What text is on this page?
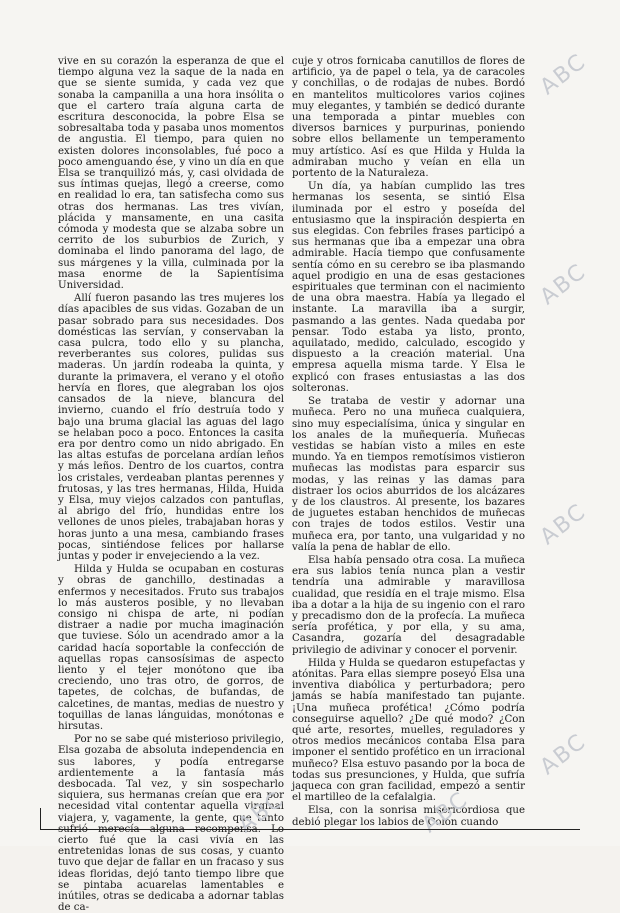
vive en su corazón la esperanza de que el tiempo alguna vez la saque de la nada en que se siente sumida, y cada vez que sonaba la campanilla a una hora insólita o que el cartero traía alguna carta de escritura desconocida, la pobre Elsa se sobresaltaba toda y pasaba unos momentos de angustia. El tiempo, para quien no existen dolores inconsolables, fué poco a poco amenguando ése, y vino un día en que Elsa se tranquilizó más, y, casi olvidada de sus íntimas quejas, llegó a creerse, como en realidad lo era, tan satisfecha como sus otras dos hermanas. Las tres vivían, plácida y mansamente, en una casita cómoda y modesta que se alzaba sobre un cerrito de los suburbios de Zurich, y dominaba el lindo panorama del lago, de sus márgenes y la villa, culminada por la masa enorme de la Sapientísima Universidad.

Allí fueron pasando las tres mujeres los días apacibles de sus vidas. Gozaban de un pasar sobrado para sus necesidades. Dos domésticas las servían, y conservaban la casa pulcra, todo ello y su plancha, reverberantes sus colores, pulidas sus maderas. Un jardín rodeaba la quinta, y durante la primavera, el verano y el otoño hervía en flores, que alegraban los ojos cansados de la nieve, blancura del invierno, cuando el frío destruía todo y bajo una bruma glacial las aguas del lago se helaban poco a poco. Entonces la casita era por dentro como un nido abrigado. En las altas estufas de porcelana ardían leños y más leños. Dentro de los cuartos, contra los cristales, verdeaban plantas perennes y frutosas, y las tres hermanas, Hilda, Huida y Elsa, muy viejos calzados con pantuflas, al abrigo del frío, hundidas entre los vellones de unos pieles, trabajaban horas y horas junto a una mesa, cambiando frases pocas, sintiéndose felices por hallarse juntas y poder ir envejeciendo a la vez.

Hilda y Hulda se ocupaban en costuras y obras de ganchillo, destinadas a enfermos y necesitados. Fruto sus trabajos lo más austeros posible, y no llevaban consigo ni chispa de arte, ni podían distraer a nadie por mucha imaginación que tuviese. Sólo un acendrado amor a la caridad hacía soportable la confección de aquellas ropas cansosísimas de aspecto liento y el tejer monótono que iba creciendo, uno tras otro, de gorros, de tapetes, de colchas, de bufandas, de calcetines, de mantas, medias de nuestro y toquillas de lanas lánguidas, monótonas e hirsutas.

Por no se sabe qué misterioso privilegio, Elsa gozaba de absoluta independencia en sus labores, y podía entregarse ardientemente a la fantasía más desbocada. Tal vez, y sin sospecharlo siquiera, sus hermanas creían que era por necesidad vital contentar aquella virginal viajera, y, vagamente, la gente, que tanto sufrió merecía alguna recompensa. Lo cierto fué que la casi vivía en las entretenidas lonas de sus cosas, y cuanto tuvo que dejar de fallar en un fracaso y sus ideas floridas, dejó tanto tiempo libre que se pintaba acuarelas lamentables e inútiles, otras se dedicaba a adornar tablas de ca-

cuje y otros fornicaba canutillos de flores de artificio, ya de papel o tela, ya de caracoles y conchillas, o de rodajas de nubes. Bordó en mantelitos multicolores varios cojines muy elegantes, y también se dedicó durante una temporada a pintar muebles con diversos barnices y purpurinas, poniendo sobre ellos bellamente un temperamento muy artístico. Así es que Hilda y Hulda la admiraban mucho y veían en ella un portento de la Naturaleza.

Un día, ya habían cumplido las tres hermanas los sesenta, se sintió Elsa iluminada por el estro y poseída del entusiasmo que la inspiración despierta en sus elegidas. Con febriles frases participó a sus hermanas que iba a empezar una obra admirable. Hacía tiempo que confusamente sentía cómo en su cerebro se iba plasmando aquel prodigio en una de esas gestaciones espirituales que terminan con el nacimiento de una obra maestra. Había ya llegado el instante. La maravilla iba a surgir, pasmando a las gentes. Nada quedaba por pensar. Todo estaba ya listo, pronto, aquilatado, medido, calculado, escogido y dispuesto a la creación material. Una empresa aquella misma tarde. Y Elsa le explicó con frases entusiastas a las dos solteronas.

Se trataba de vestir y adornar una muñeca. Pero no una muñeca cualquiera, sino muy especialísima, única y singular en los anales de la muñequería. Muñecas vestidas se habían visto a miles en este mundo. Ya en tiempos remotísimos vistieron muñecas las modistas para esparcir sus modas, y las reinas y las damas para distraer los ocios aburridos de los alcázares y de los claustros. Al presente, los bazares de juguetes estaban henchidos de muñecas con trajes de todos estilos. Vestir una muñeca era, por tanto, una vulgaridad y no valía la pena de hablar de ello.

Elsa había pensado otra cosa. La muñeca era sus labios tenía nunca plan a vestir tendría una admirable y maravillosa cualidad, que residía en el traje mismo. Elsa iba a dotar a la hija de su ingenio con el raro y precadismo don de la profecía. La muñeca sería profética, y por ella, y su ama, Casandra, gozaría del desagradable privilegio de adivinar y conocer el porvenir.

Hilda y Hulda se quedaron estupefactas y atónitas. Para ellas siempre poseyó Elsa una inventiva diabólica y perturbadora; pero jamás se había manifestado tan pujante. ¡Una muñeca profética! ¿Cómo podría conseguirse aquello? ¿De qué modo? ¿Con qué arte, resortes, muelles, reguladores y otros medios mecánicos contaba Elsa para imponer el sentido profético en un irracional muñeco? Elsa estuvo pasando por la boca de todas sus presunciones, y Hulda, que sufría jaqueca con gran facilidad, empezó a sentir el martilleo de la cefalalgia.

Elsa, con la sonrisa misericordiosa que debió plegar los labios de Colón cuando

ABC
ABC
ABC
ABC
ABC	ABC
